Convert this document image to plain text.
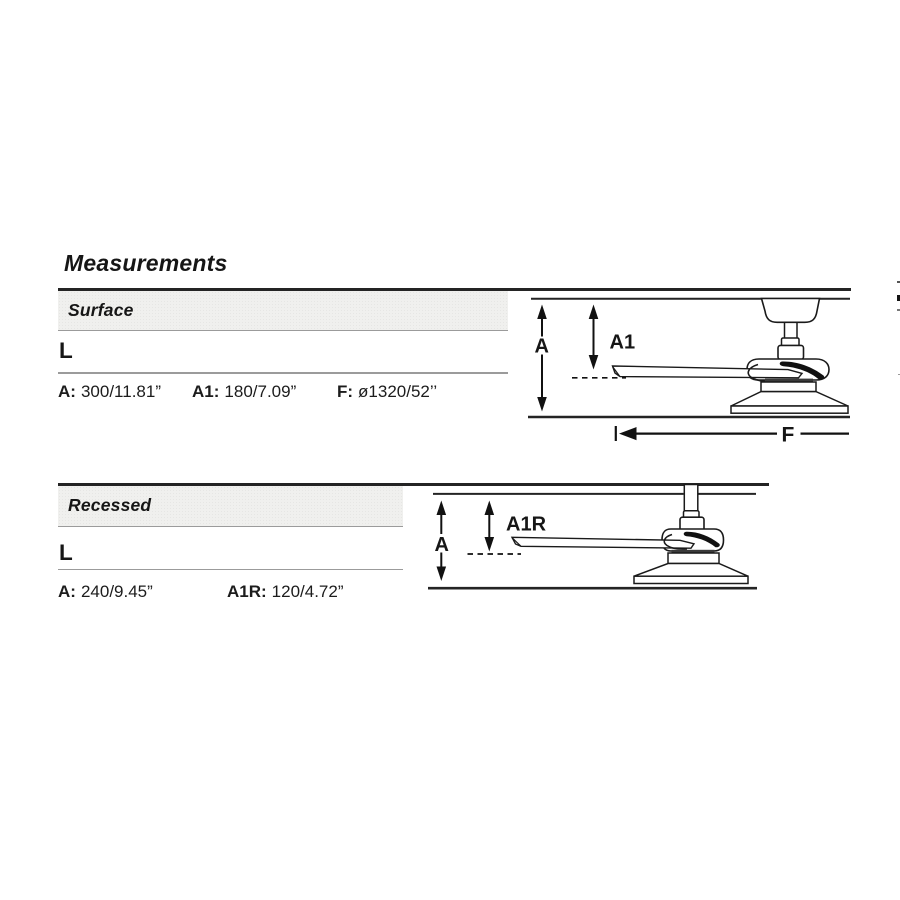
Measurements
Surface
L
A: 300/11.81” A1: 180/7.09” F: ø1320/52’’
A	A1
F
Recessed
L
A: 240/9.45”	A1R: 120/4.72”
A
A1R
